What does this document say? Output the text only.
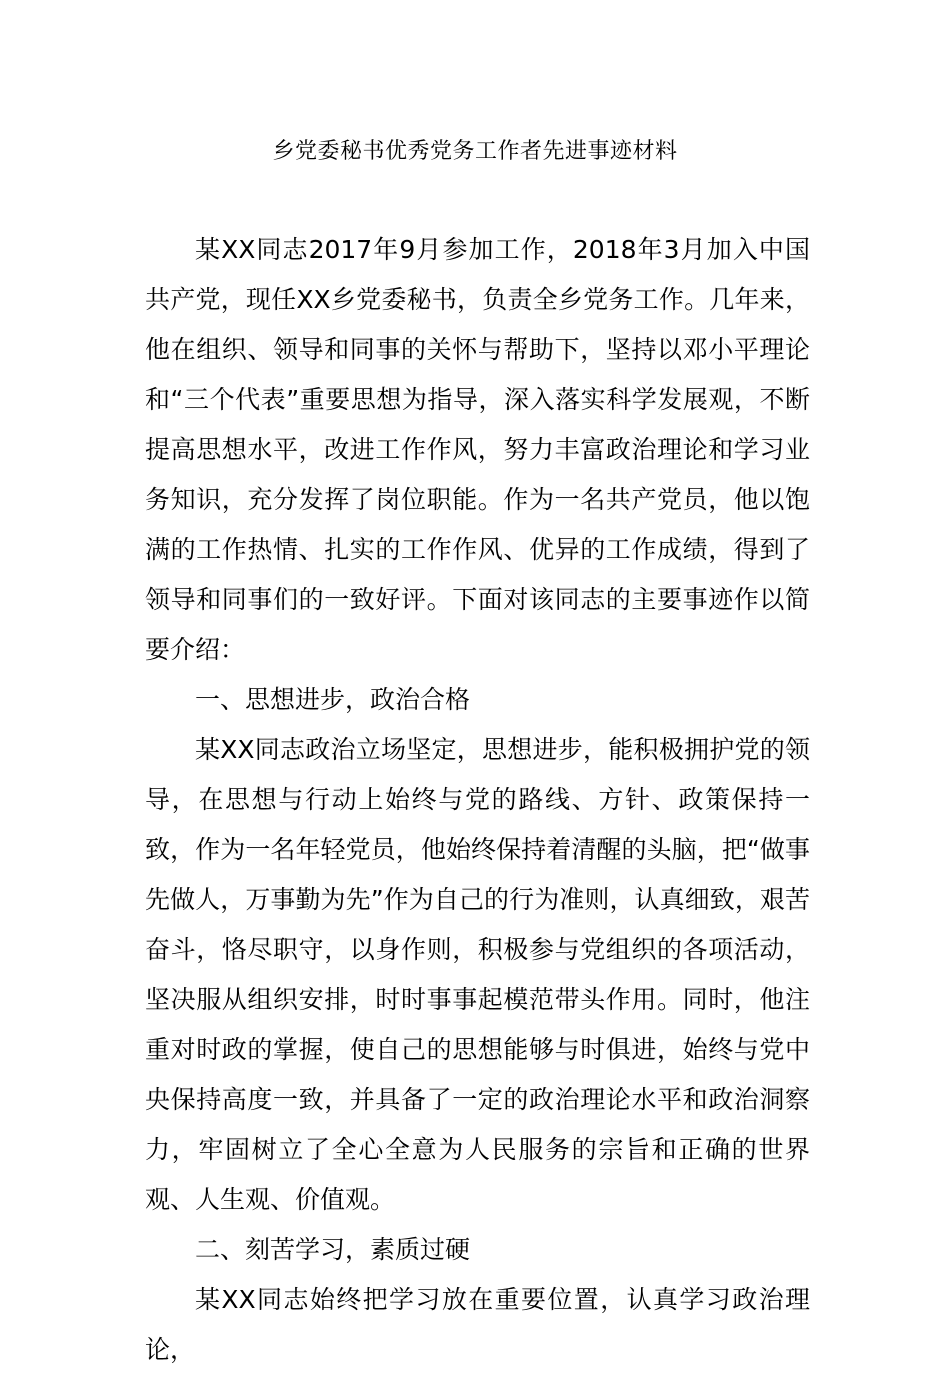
乡党委秘书优秀党务工作者先进事迹材料

某XX同志2017年9月参加工作，2018年3月加入中国共产党，现任XX乡党委秘书，负责全乡党务工作。几年来，他在组织、领导和同事的关怀与帮助下，坚持以邓小平理论和“三个代表”重要思想为指导，深入落实科学发展观，不断提高思想水平，改进工作作风，努力丰富政治理论和学习业务知识，充分发挥了岗位职能。作为一名共产党员，他以饱满的工作热情、扎实的工作作风、优异的工作成绩，得到了领导和同事们的一致好评。下面对该同志的主要事迹作以简要介绍：

一、思想进步，政治合格

某XX同志政治立场坚定，思想进步，能积极拥护党的领导，在思想与行动上始终与党的路线、方针、政策保持一致，作为一名年轻党员，他始终保持着清醒的头脑，把“做事先做人，万事勤为先”作为自己的行为准则，认真细致，艰苦奋斗，恪尽职守，以身作则，积极参与党组织的各项活动，坚决服从组织安排，时时事事起模范带头作用。同时，他注重对时政的掌握，使自己的思想能够与时俱进，始终与党中央保持高度一致，并具备了一定的政治理论水平和政治洞察力，牢固树立了全心全意为人民服务的宗旨和正确的世界观、人生观、价值观。

二、刻苦学习，素质过硬

某XX同志始终把学习放在重要位置，认真学习政治理论，
